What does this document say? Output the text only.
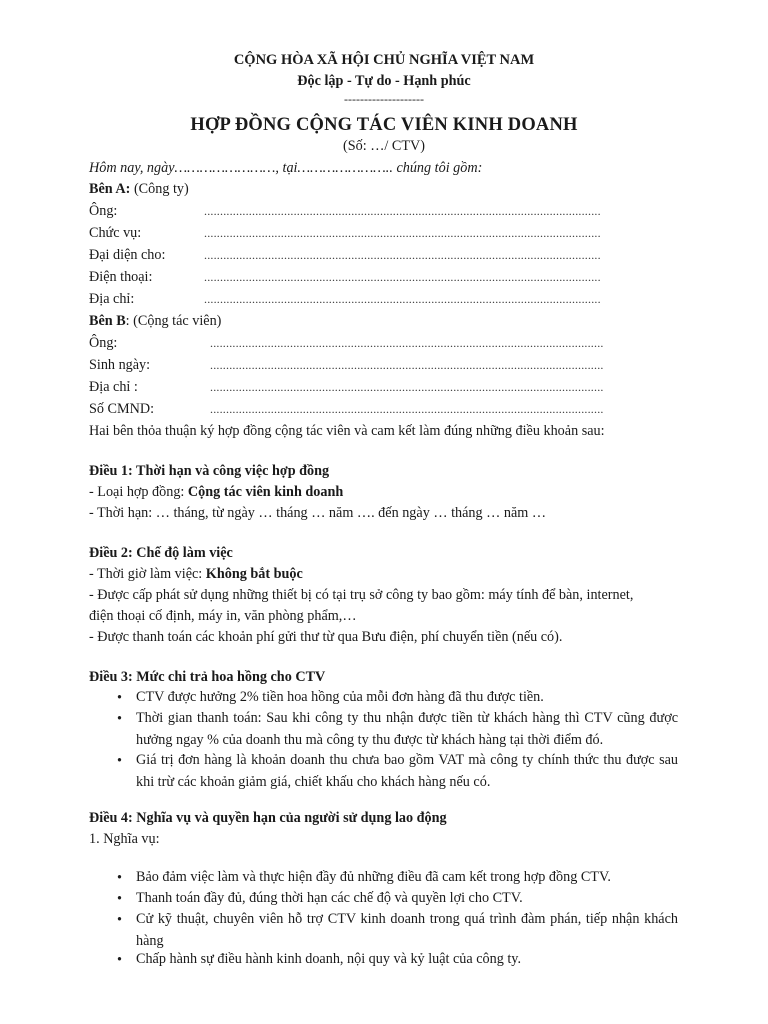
CỘNG HÒA XÃ HỘI CHỦ NGHĨA VIỆT NAM
Độc lập - Tự do - Hạnh phúc
--------------------
HỢP ĐỒNG CỘNG TÁC VIÊN KINH DOANH
(Số: …/ CTV)
Hôm nay, ngày……………………, tại………………….. chúng tôi gồm:
Bên A: (Công ty)
Ông:	............................................................................................................................
Chức vụ:	............................................................................................................................
Đại diện cho:	............................................................................................................................
Điện thoại:	............................................................................................................................
Địa chỉ:	............................................................................................................................
Bên B: (Cộng tác viên)
Ông:	...........................................................................................................................
Sinh ngày:	...........................................................................................................................
Địa chỉ :	...........................................................................................................................
Số CMND:	...........................................................................................................................
Hai bên thỏa thuận ký hợp đồng cộng tác viên và cam kết làm đúng những điều khoản sau:
Điều 1: Thời hạn và công việc hợp đồng
- Loại hợp đồng: Cộng tác viên kinh doanh
- Thời hạn: … tháng, từ ngày … tháng … năm …. đến ngày … tháng … năm …
Điều 2: Chế độ làm việc
- Thời giờ làm việc: Không bắt buộc
- Được cấp phát sử dụng những thiết bị có tại trụ sở công ty bao gồm: máy tính để bàn, internet,
điện thoại cố định, máy in, văn phòng phẩm,…
- Được thanh toán các khoản phí gửi thư từ qua Bưu điện, phí chuyển tiền (nếu có).
Điều 3: Mức chi trả hoa hồng cho CTV
• CTV được hưởng 2% tiền hoa hồng của mỗi đơn hàng đã thu được tiền.
• Thời gian thanh toán: Sau khi công ty thu nhận được tiền từ khách hàng thì CTV cũng được hưởng ngay % của doanh thu mà công ty thu được từ khách hàng tại thời điểm đó.
• Giá trị đơn hàng là khoản doanh thu chưa bao gồm VAT mà công ty chính thức thu được sau khi trừ các khoản giảm giá, chiết khấu cho khách hàng nếu có.
Điều 4: Nghĩa vụ và quyền hạn của người sử dụng lao động
1. Nghĩa vụ:
• Bảo đảm việc làm và thực hiện đầy đủ những điều đã cam kết trong hợp đồng CTV.
• Thanh toán đầy đủ, đúng thời hạn các chế độ và quyền lợi cho CTV.
• Cử kỹ thuật, chuyên viên hỗ trợ CTV kinh doanh trong quá trình đàm phán, tiếp nhận khách hàng
• Chấp hành sự điều hành kinh doanh, nội quy và kỷ luật của công ty.
